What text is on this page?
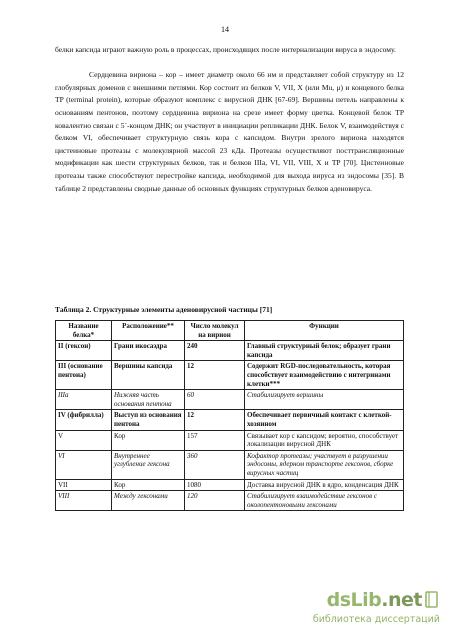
14

белки капсида играют важную роль в процессах, происходящих после интернализации вируса в эндосому.

Сердцевина вириона – кор – имеет диаметр около 66 нм и представляет собой структуру из 12 глобулярных доменов с внешними петлями. Кор состоит из белков V, VII, X (или Mu, μ) и концевого белка TP (terminal protein), которые образуют комплекс с вирусной ДНК [67-69]. Вершины петель направлены к основаниям пентонов, поэтому сердцевина вириона на срезе имеет форму цветка. Концевой белок TP ковалентно связан с 5´-концом ДНК; он участвует в инициации репликации ДНК. Белок V, взаимодействуя с белком VI, обеспечивает структурную связь кора с капсидом. Внутри зрелого вириона находятся цистеиновые протеазы с молекулярной массой 23 кДа. Протеазы осуществляют посттрансляционные модификации как шести структурных белков, так и белков IIIa, VI, VII, VIII, X и TP [70]. Цистеиновые протеазы также способствуют перестройке капсида, необходимой для выхода вируса из эндосомы [35]. В таблице 2 представлены сводные данные об основных функциях структурных белков аденовируса.

Таблица 2. Структурные элементы аденовирусной частицы [71]
Название белка*	Расположение**	Число молекул на вирион	Функции
II (гексон)	Грани икосаэдра	240	Главный структурный белок; образует грани капсида
III (основание пентона)	Вершины капсида	12	Содержит RGD-последовательность, которая способствует взаимодействию с интегринами клетки***
IIIa	Нижняя часть основания пентона	60	Стабилизирует вершины
IV (фибрилла)	Выступ из основания пентона	12	Обеспечивает первичный контакт с клеткой-хозяином
V	Кор	157	Связывает кор с капсидом; вероятно, способствует локализации вирусной ДНК
VI	Внутреннее углубление гексона	360	Кофактор протеазы; участвует в разрушении эндосомы, ядерном транспорте гексонов, сборке вирусных частиц
VII	Кор	1080	Доставка вирусной ДНК в ядро, конденсация ДНК
VIII	Между гексонами	120	Стабилизирует взаимодействие гексонов с околопентоновыми гексонами
dsLib.net
библиотека диссертаций
